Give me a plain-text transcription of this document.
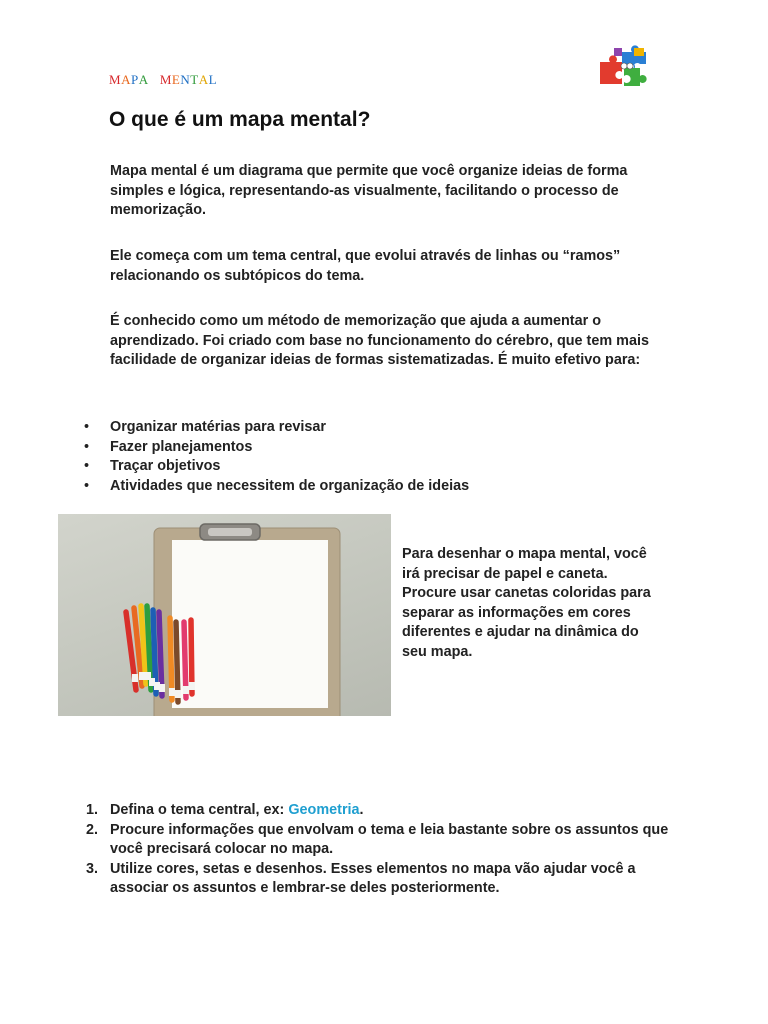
MAPA MENTAL
O que é um mapa mental?
Mapa mental é um diagrama que permite que você organize ideias de forma simples e lógica, representando-as visualmente, facilitando o processo de memorização.
Ele começa com um tema central, que evolui através de linhas ou “ramos” relacionando os subtópicos do tema.
É conhecido como um método de memorização que ajuda a aumentar o aprendizado. Foi criado com base no funcionamento do cérebro, que tem mais facilidade de organizar ideias de formas sistematizadas. É muito efetivo para:
• Organizar matérias para revisar
• Fazer planejamentos
• Traçar objetivos
• Atividades que necessitem de organização de ideias
Para desenhar o mapa mental, você irá precisar de papel e caneta. Procure usar canetas coloridas para separar as informações em cores diferentes e ajudar na dinâmica do seu mapa.
1. Defina o tema central, ex: Geometria.
2. Procure informações que envolvam o tema e leia bastante sobre os assuntos que você precisará colocar no mapa.
3. Utilize cores, setas e desenhos. Esses elementos no mapa vão ajudar você a associar os assuntos e lembrar-se deles posteriormente.
